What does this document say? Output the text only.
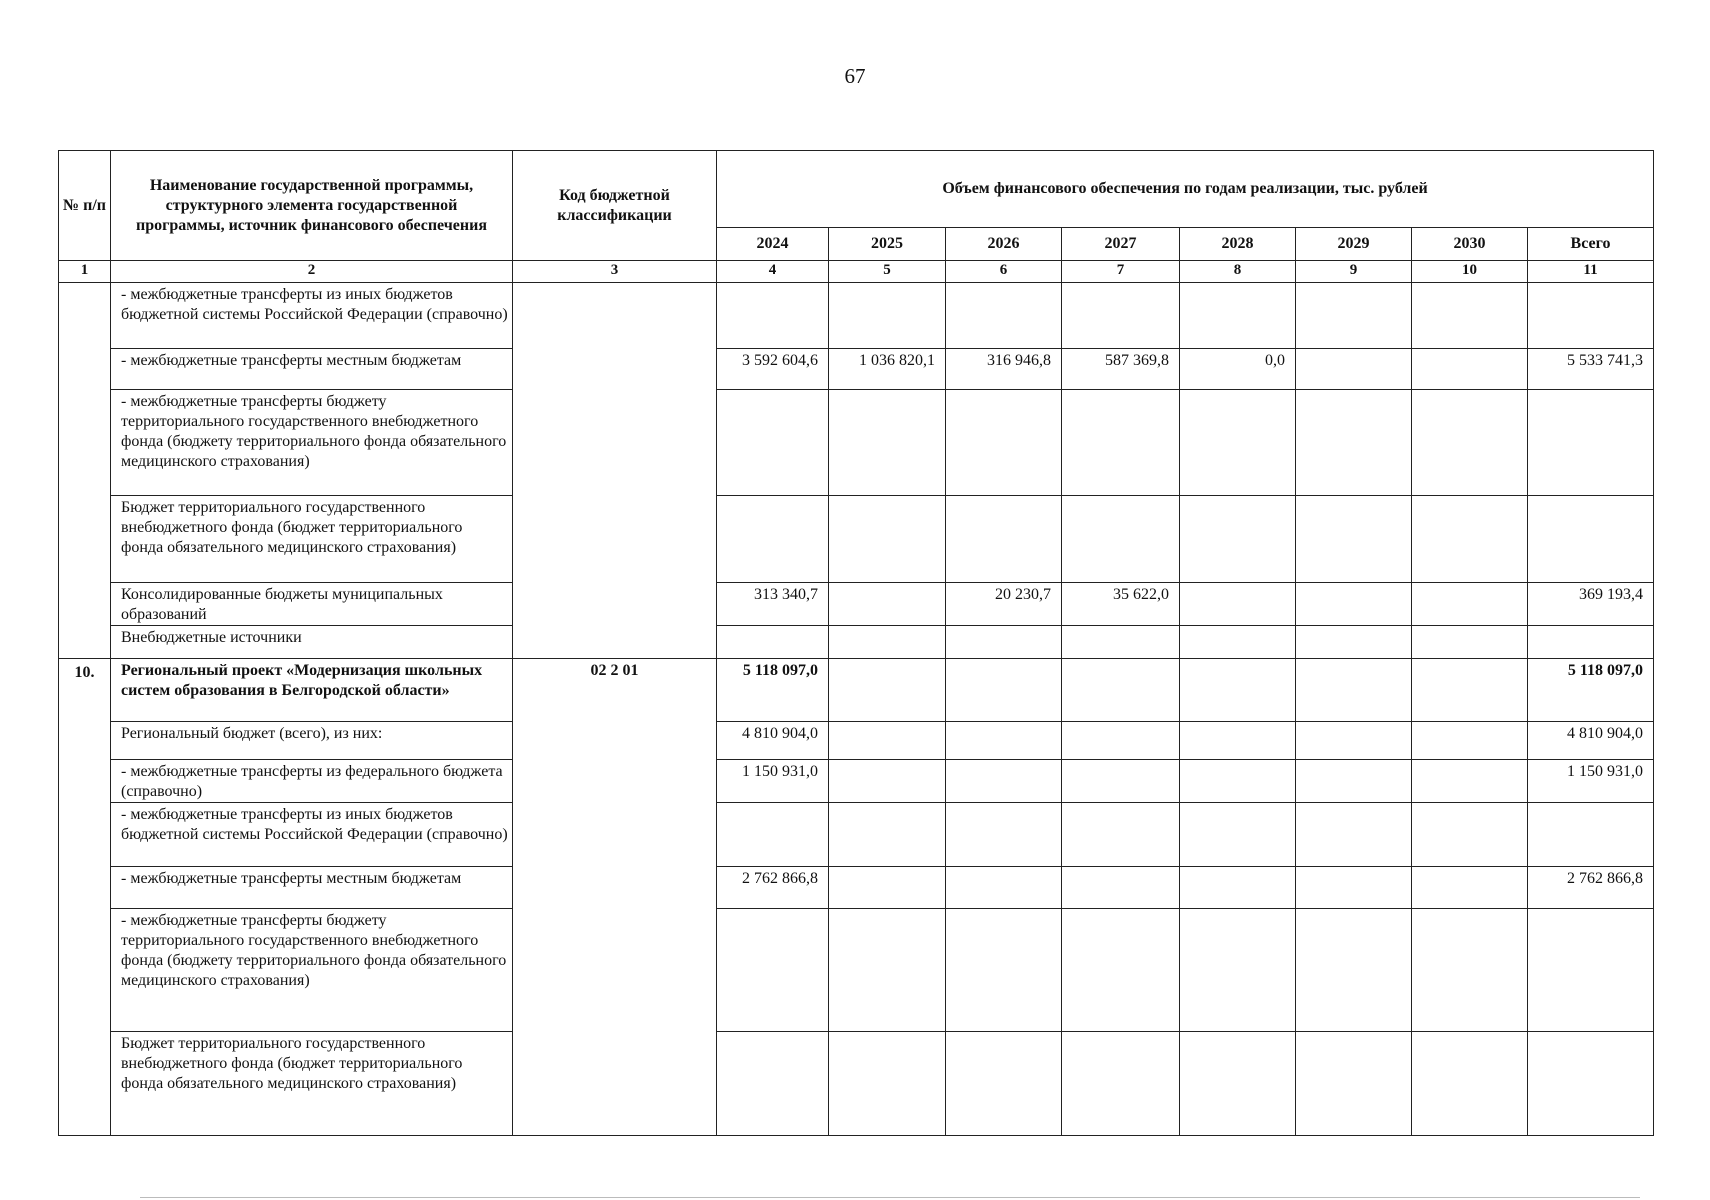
67
№ п/п	Наименование государственной программы, структурного элемента государственной программы, источник финансового обеспечения	Код бюджетной классификации	Объем финансового обеспечения по годам реализации, тыс. рублей							
			2024	2025	2026	2027	2028	2029	2030	Всего
1	2	3	4	5	6	7	8	9	10	11
	- межбюджетные трансферты из иных бюджетов бюджетной системы Российской Федерации (справочно)									
	- межбюджетные трансферты местным бюджетам		3 592 604,6	1 036 820,1	316 946,8	587 369,8	0,0			5 533 741,3
	- межбюджетные трансферты бюджету территориального государственного внебюджетного фонда (бюджету территориального фонда обязательного медицинского страхования)									
	Бюджет территориального государственного внебюджетного фонда (бюджет территориального фонда обязательного медицинского страхования)									
	Консолидированные бюджеты муниципальных образований		313 340,7		20 230,7	35 622,0				369 193,4
	Внебюджетные источники									
10.	Региональный проект «Модернизация школьных систем образования в Белгородской области»	02 2 01	5 118 097,0							5 118 097,0
	Региональный бюджет (всего), из них:		4 810 904,0							4 810 904,0
	- межбюджетные трансферты из федерального бюджета (справочно)		1 150 931,0							1 150 931,0
	- межбюджетные трансферты из иных бюджетов бюджетной системы Российской Федерации (справочно)									
	- межбюджетные трансферты местным бюджетам		2 762 866,8							2 762 866,8
	- межбюджетные трансферты бюджету территориального государственного внебюджетного фонда (бюджету территориального фонда обязательного медицинского страхования)									
	Бюджет территориального государственного внебюджетного фонда (бюджет территориального фонда обязательного медицинского страхования)									
